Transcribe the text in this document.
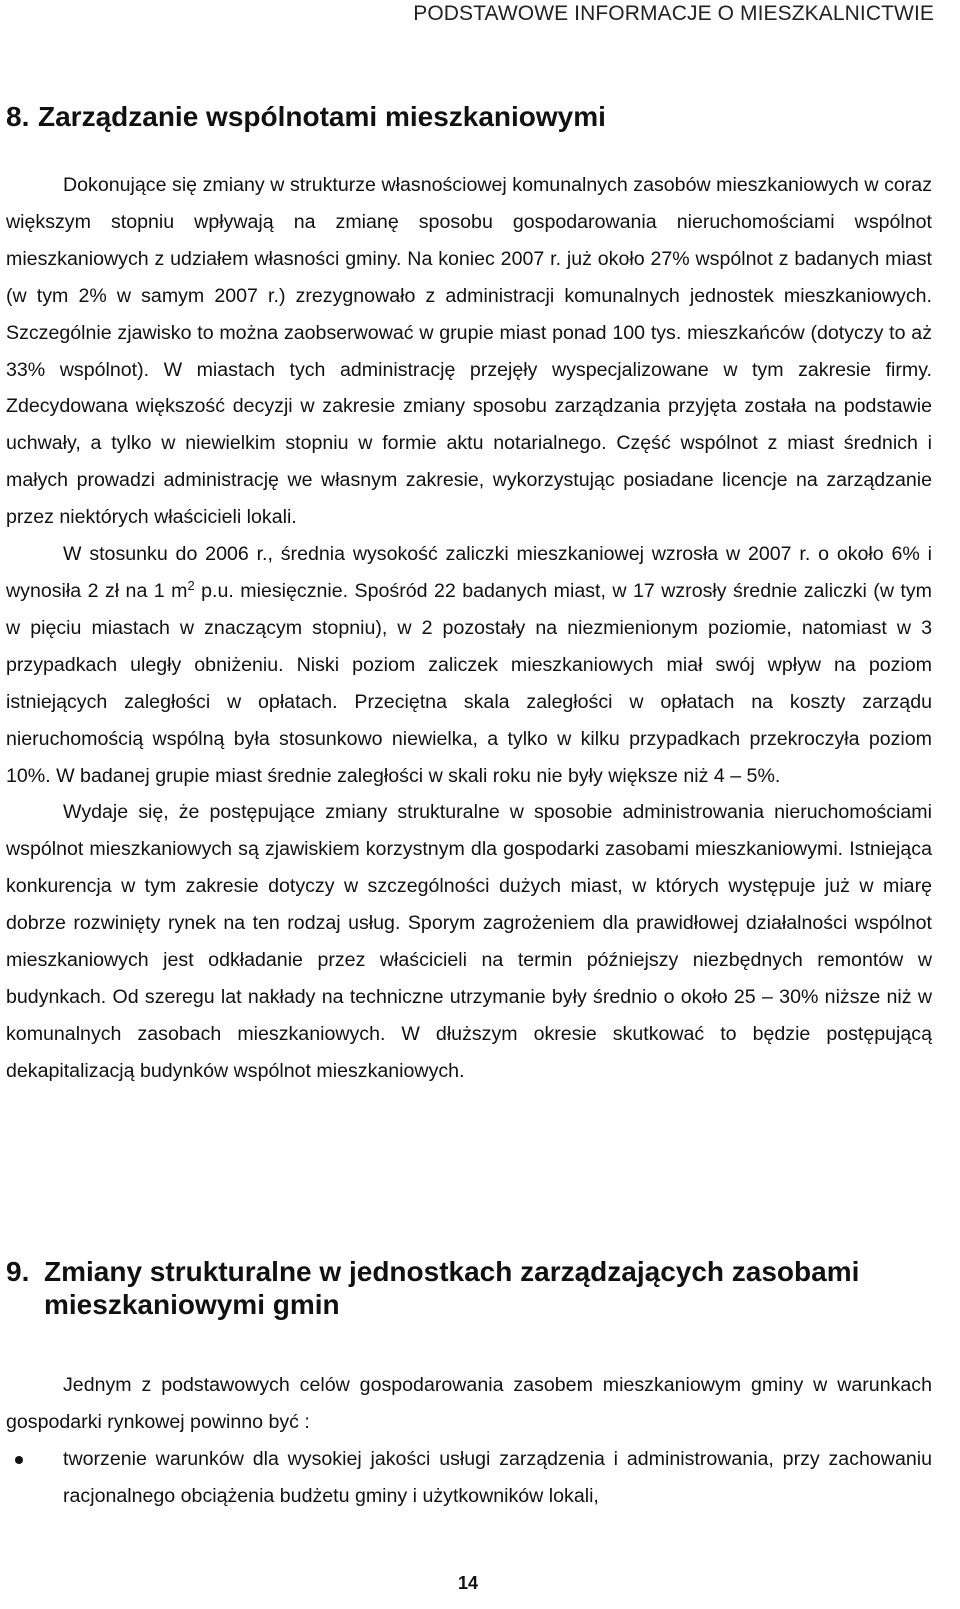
PODSTAWOWE INFORMACJE O MIESZKALNICTWIE
8. Zarządzanie wspólnotami mieszkaniowymi

Dokonujące się zmiany w strukturze własnościowej komunalnych zasobów mieszkaniowych w coraz większym stopniu wpływają na zmianę sposobu gospodarowania nieruchomościami wspólnot mieszkaniowych z udziałem własności gminy. Na koniec 2007 r. już około 27% wspólnot z badanych miast (w tym 2% w samym 2007 r.) zrezygnowało z administracji komunalnych jednostek mieszkaniowych. Szczególnie zjawisko to można zaobserwować w grupie miast ponad 100 tys. mieszkańców (dotyczy to aż 33% wspólnot). W miastach tych administrację przejęły wyspecjalizowane w tym zakresie firmy. Zdecydowana większość decyzji w zakresie zmiany sposobu zarządzania przyjęta została na podstawie uchwały, a tylko w niewielkim stopniu w formie aktu notarialnego. Część wspólnot z miast średnich i małych prowadzi administrację we własnym zakresie, wykorzystując posiadane licencje na zarządzanie przez niektórych właścicieli lokali.

W stosunku do 2006 r., średnia wysokość zaliczki mieszkaniowej wzrosła w 2007 r. o około 6% i wynosiła 2 zł na 1 $m^2$ p.u. miesięcznie. Spośród 22 badanych miast, w 17 wzrosły średnie zaliczki (w tym w pięciu miastach w znaczącym stopniu), w 2 pozostały na niezmienionym poziomie, natomiast w 3 przypadkach uległy obniżeniu. Niski poziom zaliczek mieszkaniowych miał swój wpływ na poziom istniejących zaległości w opłatach. Przeciętna skala zaległości w opłatach na koszty zarządu nieruchomością wspólną była stosunkowo niewielka, a tylko w kilku przypadkach przekroczyła poziom 10%. W badanej grupie miast średnie zaległości w skali roku nie były większe niż 4 – 5%.

Wydaje się, że postępujące zmiany strukturalne w sposobie administrowania nieruchomościami wspólnot mieszkaniowych są zjawiskiem korzystnym dla gospodarki zasobami mieszkaniowymi. Istniejąca konkurencja w tym zakresie dotyczy w szczególności dużych miast, w których występuje już w miarę dobrze rozwinięty rynek na ten rodzaj usług. Sporym zagrożeniem dla prawidłowej działalności wspólnot mieszkaniowych jest odkładanie przez właścicieli na termin późniejszy niezbędnych remontów w budynkach. Od szeregu lat nakłady na techniczne utrzymanie były średnio o około 25 – 30% niższe niż w komunalnych zasobach mieszkaniowych. W dłuższym okresie skutkować to będzie postępującą dekapitalizacją budynków wspólnot mieszkaniowych.

9. Zmiany strukturalne w jednostkach zarządzających zasobami mieszkaniowymi gmin

Jednym z podstawowych celów gospodarowania zasobem mieszkaniowym gminy w warunkach gospodarki rynkowej powinno być :

tworzenie warunków dla wysokiej jakości usługi zarządzenia i administrowania, przy zachowaniu racjonalnego obciążenia budżetu gminy i użytkowników lokali,
14
